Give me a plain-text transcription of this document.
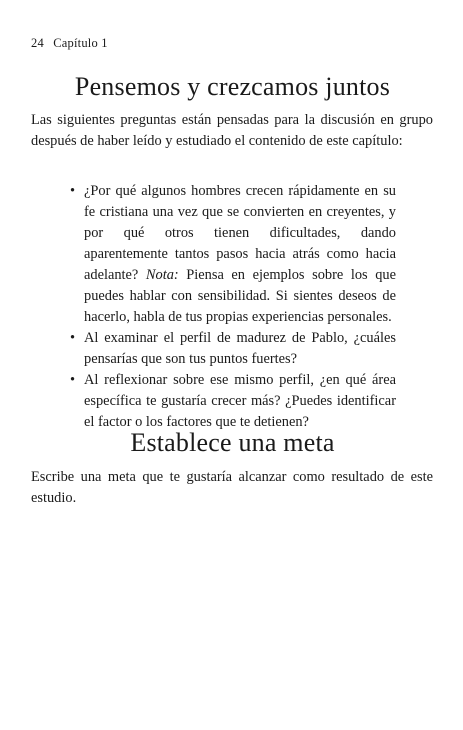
24 Capítulo 1
Pensemos y crezcamos juntos

Las siguientes preguntas están pensadas para la discusión en grupo después de haber leído y estudiado el contenido de este capítulo:

• ¿Por qué algunos hombres crecen rápidamente en su fe cristiana una vez que se convierten en creyentes, y por qué otros tienen dificultades, dando aparentemente tantos pasos hacia atrás como hacia adelante? Nota: Piensa en ejemplos sobre los que puedes hablar con sensibilidad. Si sientes deseos de hacerlo, habla de tus propias experiencias personales.
• Al examinar el perfil de madurez de Pablo, ¿cuáles pensarías que son tus puntos fuertes?
• Al reflexionar sobre ese mismo perfil, ¿en qué área específica te gustaría crecer más? ¿Puedes identificar el factor o los factores que te detienen?
Establece una meta

Escribe una meta que te gustaría alcanzar como resultado de este estudio.
